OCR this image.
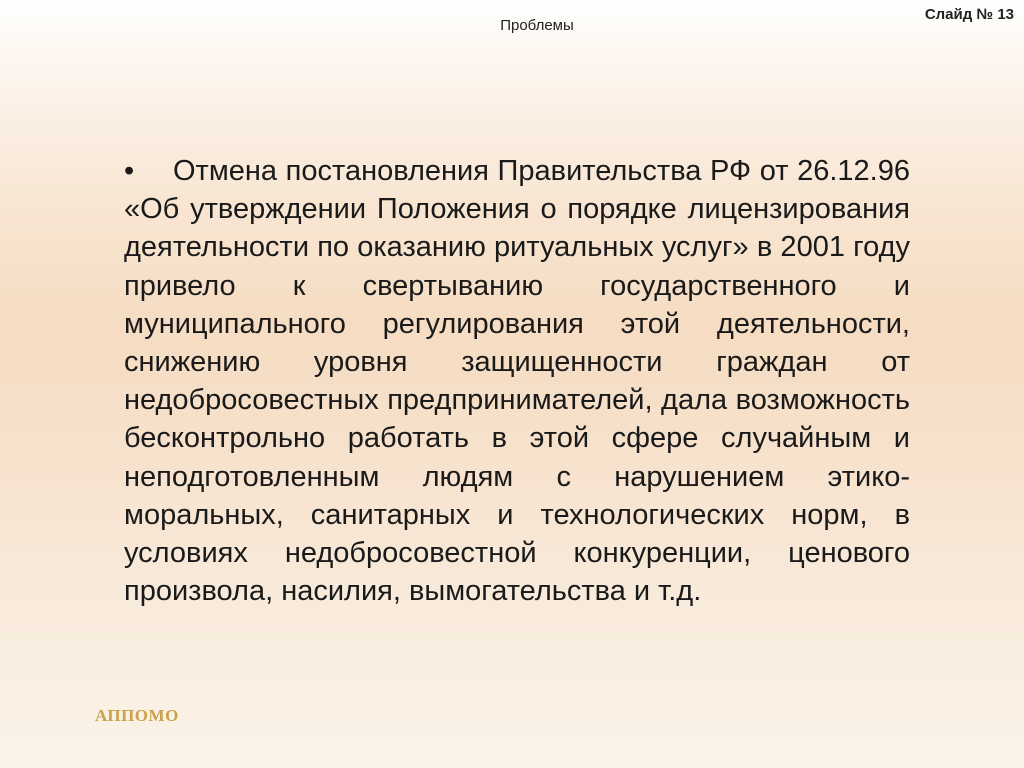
Проблемы
Слайд № 13

• Отмена постановления Правительства РФ от 26.12.96 «Об утверждении Положения о порядке лицензирования деятельности по оказанию ритуальных услуг» в 2001 году привело к свертыванию государственного и муниципального регулирования этой деятельности, снижению уровня защищенности граждан от недобросовестных предпринимателей, дала возможность бесконтрольно работать в этой сфере случайным и неподготовленным людям с нарушением этико-моральных, санитарных и технологических норм, в условиях недобросовестной конкуренции, ценового произвола, насилия, вымогательства и т.д.

АППОМО
